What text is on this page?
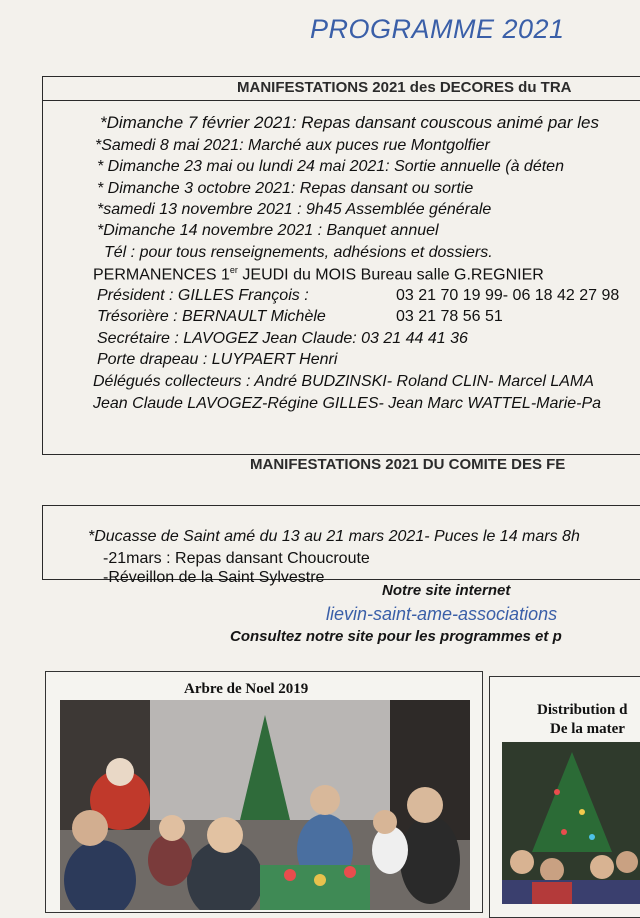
PROGRAMME 2021
MANIFESTATIONS 2021 des DECORES du TRA
*Dimanche 7 février 2021: Repas dansant couscous animé par les
*Samedi 8 mai 2021: Marché aux puces rue Montgolfier
* Dimanche 23 mai ou lundi 24 mai 2021: Sortie annuelle (à déten
* Dimanche 3 octobre 2021: Repas dansant ou sortie
*samedi 13 novembre 2021 : 9h45 Assemblée générale
*Dimanche 14 novembre 2021 : Banquet annuel
Tél : pour tous renseignements, adhésions et dossiers.
PERMANENCES 1er JEUDI du MOIS Bureau salle G.REGNIER
Président : GILLES François :	03 21 70 19 99- 06 18 42 27 98
Trésorière : BERNAULT Michèle	03 21 78 56 51
Secrétaire : LAVOGEZ Jean Claude: 03 21 44 41 36
Porte drapeau : LUYPAERT Henri
Délégués collecteurs : André BUDZINSKI- Roland CLIN- Marcel LAMA
Jean Claude LAVOGEZ-Régine GILLES- Jean Marc WATTEL-Marie-Pa
MANIFESTATIONS 2021 DU COMITE DES FE
*Ducasse de Saint amé du 13 au 21 mars 2021- Puces le 14 mars 8h
-21mars : Repas dansant Choucroute
-Réveillon de la Saint Sylvestre
Notre site internet
lievin-saint-ame-associations
Consultez notre site pour les programmes et p
Arbre de Noel 2019
Distribution d
De la mater
